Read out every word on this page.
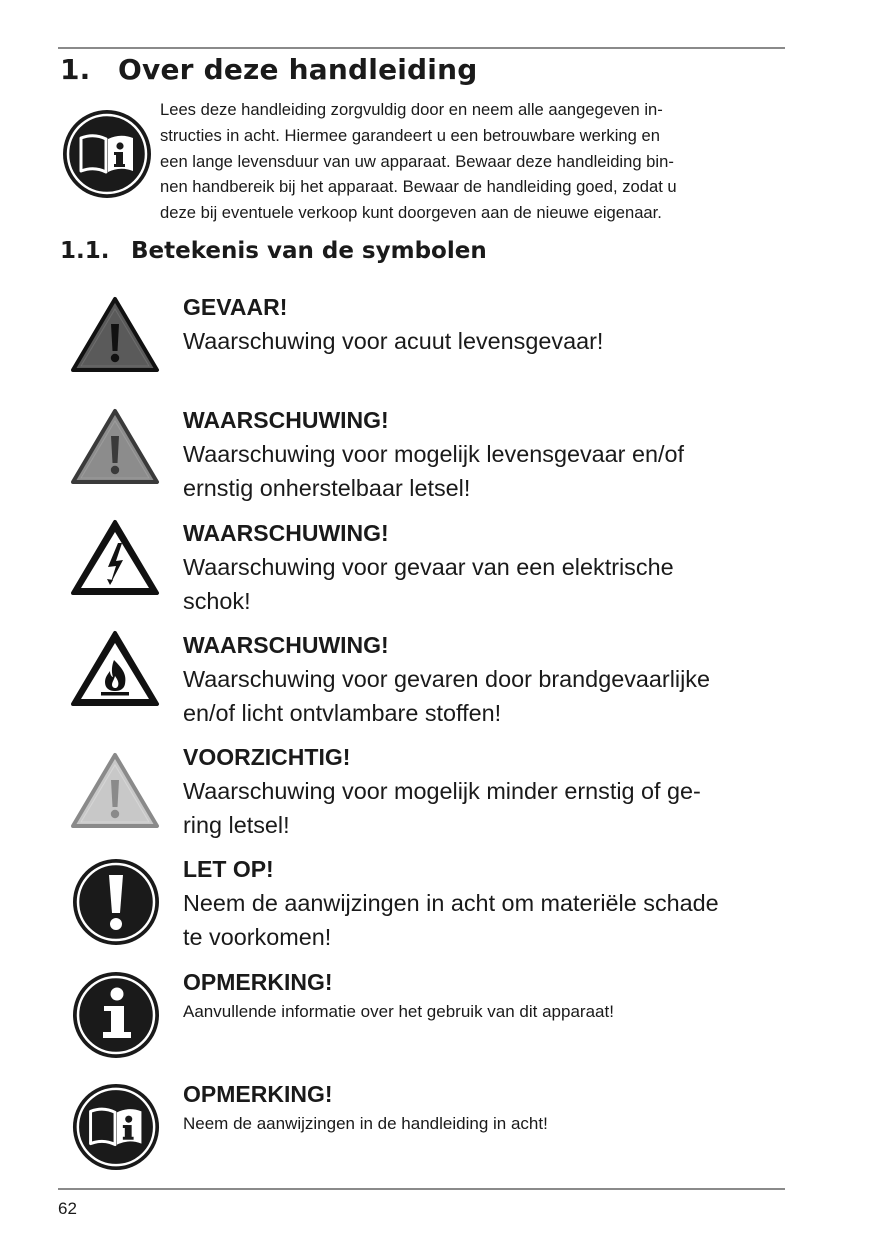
1. Over deze handleiding
Lees deze handleiding zorgvuldig door en neem alle aangegeven in-
structies in acht. Hiermee garandeert u een betrouwbare werking en
een lange levensduur van uw apparaat. Bewaar deze handleiding bin-
nen handbereik bij het apparaat. Bewaar de handleiding goed, zodat u
deze bij eventuele verkoop kunt doorgeven aan de nieuwe eigenaar.
1.1. Betekenis van de symbolen
GEVAAR!
Waarschuwing voor acuut levensgevaar!
WAARSCHUWING!
Waarschuwing voor mogelijk levensgevaar en/of
ernstig onherstelbaar letsel!
WAARSCHUWING!
Waarschuwing voor gevaar van een elektrische
schok!
WAARSCHUWING!
Waarschuwing voor gevaren door brandgevaarlijke
en/of licht ontvlambare stoffen!
VOORZICHTIG!
Waarschuwing voor mogelijk minder ernstig of ge-
ring letsel!
LET OP!
Neem de aanwijzingen in acht om materiële schade
te voorkomen!
OPMERKING!
Aanvullende informatie over het gebruik van dit apparaat!
OPMERKING!
Neem de aanwijzingen in de handleiding in acht!
62
